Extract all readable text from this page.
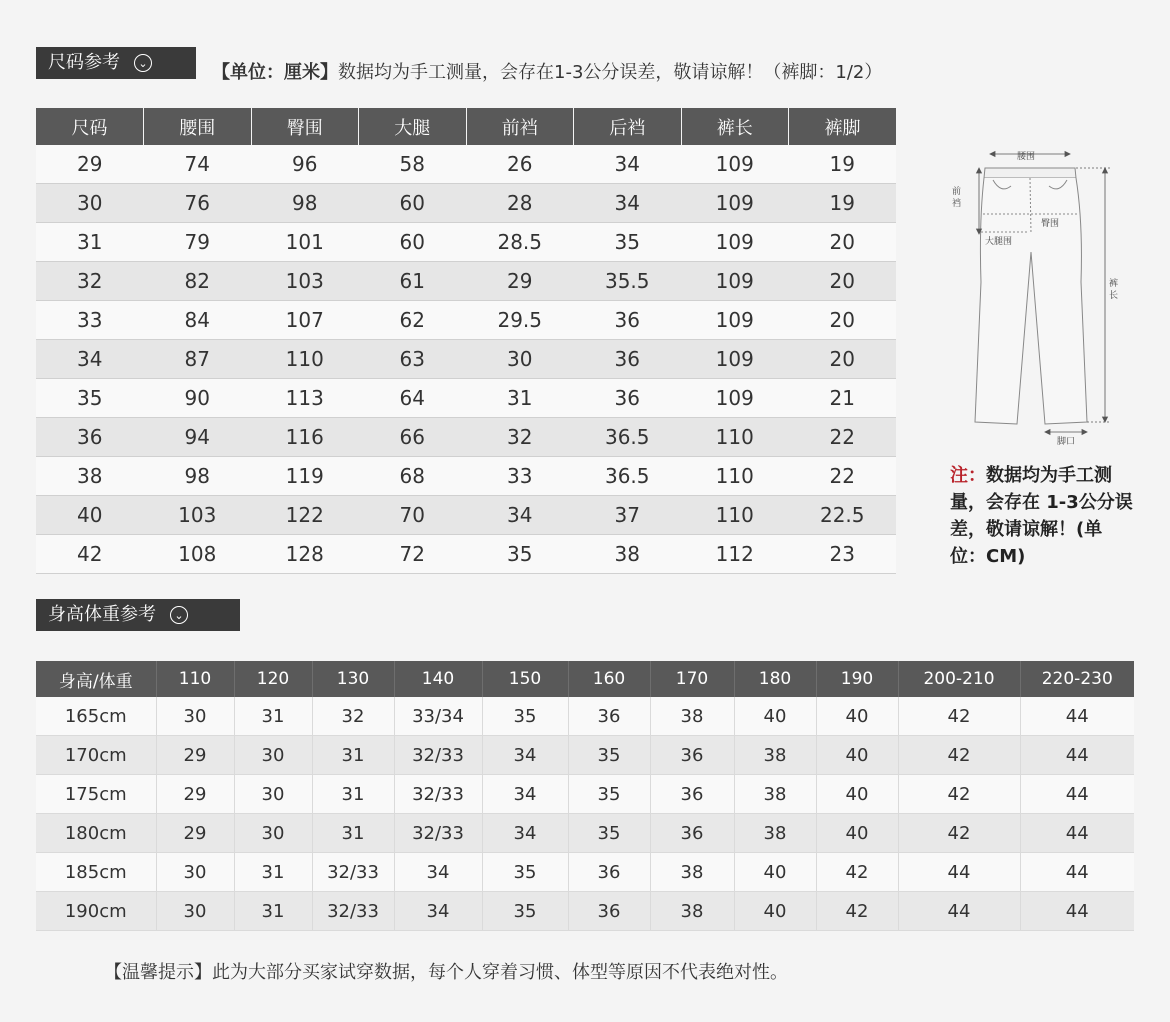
尺码参考 ⌄	【单位：厘米】数据均为手工测量，会存在1-3公分误差，敬请谅解！（裤脚：1/2）
尺码	腰围	臀围	大腿	前裆	后裆	裤长	裤脚
29	74	96	58	26	34	109	19
30	76	98	60	28	34	109	19
31	79	101	60	28.5	35	109	20
32	82	103	61	29	35.5	109	20
33	84	107	62	29.5	36	109	20
34	87	110	63	30	36	109	20
35	90	113	64	31	36	109	21
36	94	116	66	32	36.5	110	22
38	98	119	68	33	36.5	110	22
40	103	122	70	34	37	110	22.5
42	108	128	72	35	38	112	23
腰围
前
裆
臀围
大腿围
裤
长
脚口
注：数据均为手工测量，会存在 1-3公分误差，敬请谅解！(单位：CM)
身高体重参考 ⌄
身高/体重	110	120	130	140	150	160	170	180	190	200-210	220-230
165cm	30	31	32	33/34	35	36	38	40	40	42	44
170cm	29	30	31	32/33	34	35	36	38	40	42	44
175cm	29	30	31	32/33	34	35	36	38	40	42	44
180cm	29	30	31	32/33	34	35	36	38	40	42	44
185cm	30	31	32/33	34	35	36	38	40	42	44	44
190cm	30	31	32/33	34	35	36	38	40	42	44	44
【温馨提示】此为大部分买家试穿数据，每个人穿着习惯、体型等原因不代表绝对性。
